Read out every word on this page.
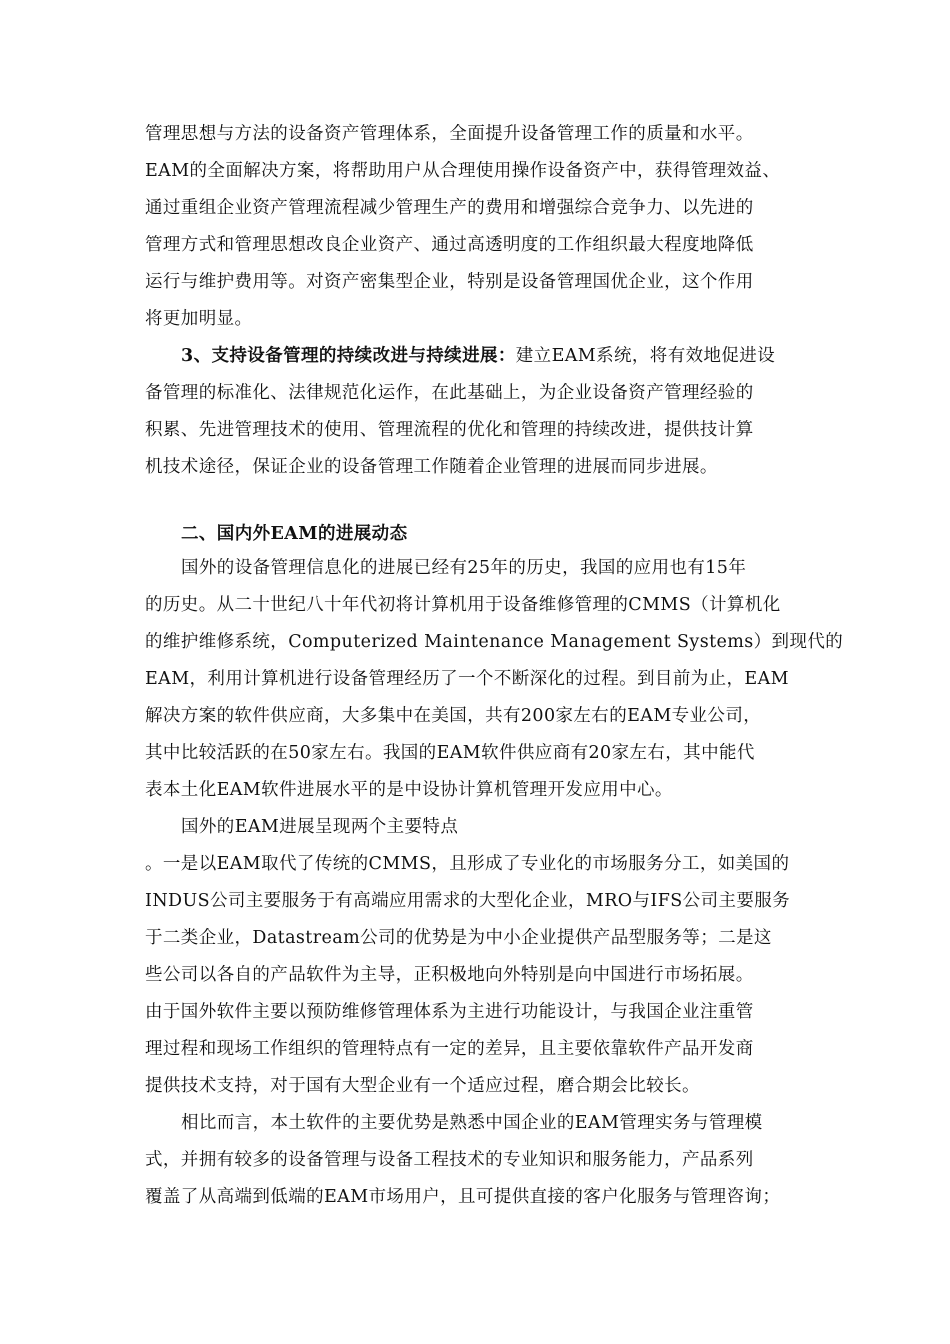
管理思想与方法的设备资产管理体系，全面提升设备管理工作的质量和水平。
EAM的全面解决方案，将帮助用户从合理使用操作设备资产中，获得管理效益、
通过重组企业资产管理流程减少管理生产的费用和增强综合竞争力、以先进的
管理方式和管理思想改良企业资产、通过高透明度的工作组织最大程度地降低
运行与维护费用等。对资产密集型企业，特别是设备管理国优企业，这个作用
将更加明显。
3、支持设备管理的持续改进与持续进展：建立EAM系统，将有效地促进设
备管理的标准化、法律规范化运作，在此基础上，为企业设备资产管理经验的
积累、先进管理技术的使用、管理流程的优化和管理的持续改进，提供技计算
机技术途径，保证企业的设备管理工作随着企业管理的进展而同步进展。
二、国内外EAM的进展动态
国外的设备管理信息化的进展已经有25年的历史，我国的应用也有15年
的历史。从二十世纪八十年代初将计算机用于设备维修管理的CMMS（计算机化
的维护维修系统，Computerized Maintenance Management Systems）到现代的
EAM，利用计算机进行设备管理经历了一个不断深化的过程。到目前为止，EAM
解决方案的软件供应商，大多集中在美国，共有200家左右的EAM专业公司，
其中比较活跃的在50家左右。我国的EAM软件供应商有20家左右，其中能代
表本土化EAM软件进展水平的是中设协计算机管理开发应用中心。
国外的EAM进展呈现两个主要特点
。一是以EAM取代了传统的CMMS，且形成了专业化的市场服务分工，如美国的
INDUS公司主要服务于有高端应用需求的大型化企业，MRO与IFS公司主要服务
于二类企业，Datastream公司的优势是为中小企业提供产品型服务等；二是这
些公司以各自的产品软件为主导，正积极地向外特别是向中国进行市场拓展。
由于国外软件主要以预防维修管理体系为主进行功能设计，与我国企业注重管
理过程和现场工作组织的管理特点有一定的差异，且主要依靠软件产品开发商
提供技术支持，对于国有大型企业有一个适应过程，磨合期会比较长。
相比而言，本土软件的主要优势是熟悉中国企业的EAM管理实务与管理模
式，并拥有较多的设备管理与设备工程技术的专业知识和服务能力，产品系列
覆盖了从高端到低端的EAM市场用户，且可提供直接的客户化服务与管理咨询；
